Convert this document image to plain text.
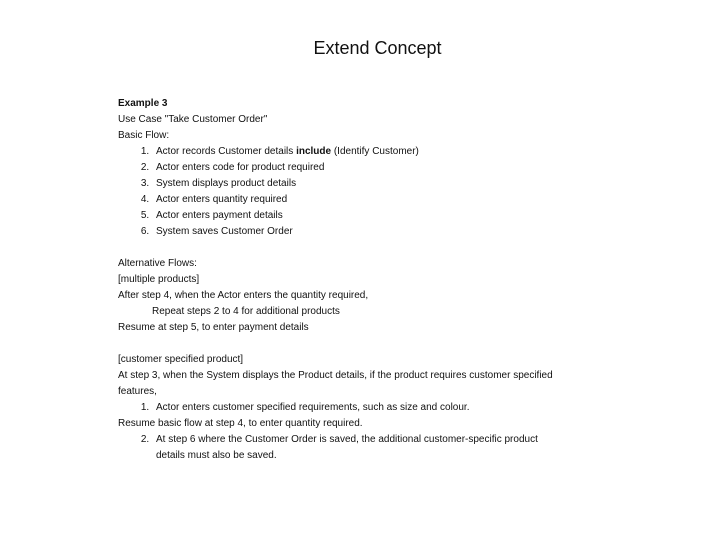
Extend Concept
Example 3
Use Case "Take Customer Order"
Basic Flow:
1. Actor records Customer details include (Identify Customer)
2. Actor enters code for product required
3. System displays product details
4. Actor enters quantity required
5. Actor enters payment details
6. System saves Customer Order
Alternative Flows:
[multiple products]
After step 4, when the Actor enters the quantity required,
Repeat steps 2 to 4 for additional products
Resume at step 5, to enter payment details
[customer specified product]
At step 3, when the System displays the Product details, if the product requires customer specified features,
1. Actor enters customer specified requirements, such as size and colour.
Resume basic flow at step 4, to enter quantity required.
2. At step 6 where the Customer Order is saved, the additional customer-specific product details must also be saved.
